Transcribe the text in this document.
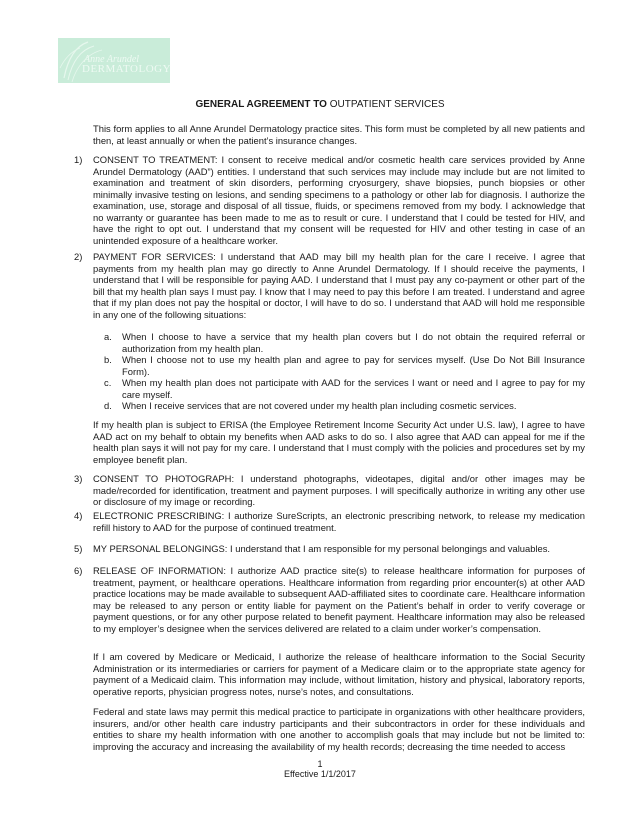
Anne Arundel
DERMATOLOGY
GENERAL AGREEMENT TO OUTPATIENT SERVICES
This form applies to all Anne Arundel Dermatology practice sites. This form must be completed by all new patients and then, at least annually or when the patient’s insurance changes.
1) CONSENT TO TREATMENT: I consent to receive medical and/or cosmetic health care services provided by Anne Arundel Dermatology (AAD”) entities. I understand that such services may include may include but are not limited to examination and treatment of skin disorders, performing cryosurgery, shave biopsies, punch biopsies or other minimally invasive testing on lesions, and sending specimens to a pathology or other lab for diagnosis. I authorize the examination, use, storage and disposal of all tissue, fluids, or specimens removed from my body. I acknowledge that no warranty or guarantee has been made to me as to result or cure. I understand that I could be tested for HIV, and have the right to opt out. I understand that my consent will be requested for HIV and other testing in case of an unintended exposure of a healthcare worker.
2) PAYMENT FOR SERVICES: I understand that AAD may bill my health plan for the care I receive. I agree that payments from my health plan may go directly to Anne Arundel Dermatology. If I should receive the payments, I understand that I will be responsible for paying AAD. I understand that I must pay any co-payment or other part of the bill that my health plan says I must pay. I know that I may need to pay this before I am treated. I understand and agree that if my plan does not pay the hospital or doctor, I will have to do so. I understand that AAD will hold me responsible in any one of the following situations:
a. When I choose to have a service that my health plan covers but I do not obtain the required referral or authorization from my health plan.
b. When I choose not to use my health plan and agree to pay for services myself. (Use Do Not Bill Insurance Form).
c. When my health plan does not participate with AAD for the services I want or need and I agree to pay for my care myself.
d. When I receive services that are not covered under my health plan including cosmetic services.
If my health plan is subject to ERISA (the Employee Retirement Income Security Act under U.S. law), I agree to have AAD act on my behalf to obtain my benefits when AAD asks to do so. I also agree that AAD can appeal for me if the health plan says it will not pay for my care. I understand that I must comply with the policies and procedures set by my employee benefit plan.
3) CONSENT TO PHOTOGRAPH: I understand photographs, videotapes, digital and/or other images may be made/recorded for identification, treatment and payment purposes. I will specifically authorize in writing any other use or disclosure of my image or recording.
4) ELECTRONIC PRESCRIBING: I authorize SureScripts, an electronic prescribing network, to release my medication refill history to AAD for the purpose of continued treatment.
5) MY PERSONAL BELONGINGS: I understand that I am responsible for my personal belongings and valuables.
6) RELEASE OF INFORMATION: I authorize AAD practice site(s) to release healthcare information for purposes of treatment, payment, or healthcare operations. Healthcare information from regarding prior encounter(s) at other AAD practice locations may be made available to subsequent AAD-affiliated sites to coordinate care. Healthcare information may be released to any person or entity liable for payment on the Patient’s behalf in order to verify coverage or payment questions, or for any other purpose related to benefit payment. Healthcare information may also be released to my employer’s designee when the services delivered are related to a claim under worker’s compensation.
If I am covered by Medicare or Medicaid, I authorize the release of healthcare information to the Social Security Administration or its intermediaries or carriers for payment of a Medicare claim or to the appropriate state agency for payment of a Medicaid claim. This information may include, without limitation, history and physical, laboratory reports, operative reports, physician progress notes, nurse’s notes, and consultations.
Federal and state laws may permit this medical practice to participate in organizations with other healthcare providers, insurers, and/or other health care industry participants and their subcontractors in order for these individuals and entities to share my health information with one another to accomplish goals that may include but not be limited to: improving the accuracy and increasing the availability of my health records; decreasing the time needed to access
1
Effective 1/1/2017
